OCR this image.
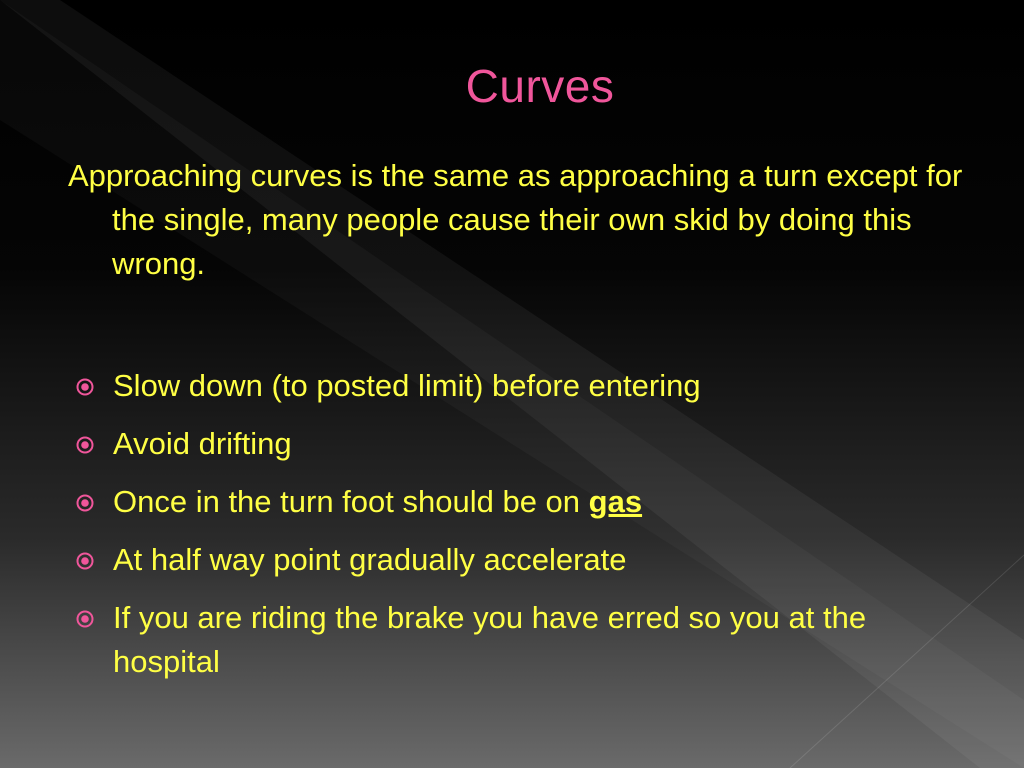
Curves

Approaching curves is the same as approaching a turn except for the single, many people cause their own skid by doing this wrong.

Slow down (to posted limit) before entering
Avoid drifting
Once in the turn foot should be on gas
At half way point gradually accelerate
If you are riding the brake you have erred so you at the hospital
